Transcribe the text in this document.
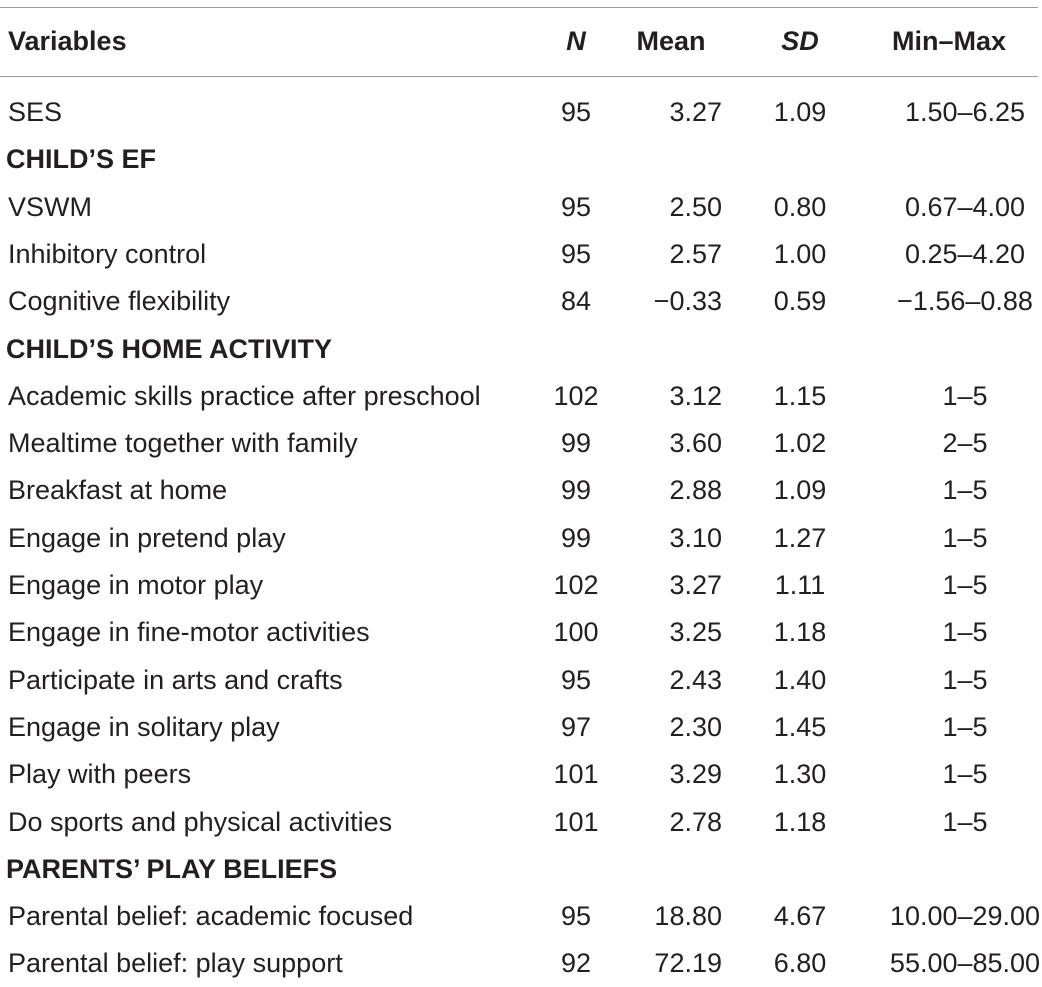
Variables	N	Mean	SD	Min–Max
SES	95	3.27	1.09	1.50–6.25
CHILD’S EF
VSWM	95	2.50	0.80	0.67–4.00
Inhibitory control	95	2.57	1.00	0.25–4.20
Cognitive flexibility	84	−0.33	0.59	−1.56–0.88
CHILD’S HOME ACTIVITY
Academic skills practice after preschool	102	3.12	1.15	1–5
Mealtime together with family	99	3.60	1.02	2–5
Breakfast at home	99	2.88	1.09	1–5
Engage in pretend play	99	3.10	1.27	1–5
Engage in motor play	102	3.27	1.11	1–5
Engage in fine-motor activities	100	3.25	1.18	1–5
Participate in arts and crafts	95	2.43	1.40	1–5
Engage in solitary play	97	2.30	1.45	1–5
Play with peers	101	3.29	1.30	1–5
Do sports and physical activities	101	2.78	1.18	1–5
PARENTS’ PLAY BELIEFS
Parental belief: academic focused	95	18.80	4.67	10.00–29.00
Parental belief: play support	92	72.19	6.80	55.00–85.00
